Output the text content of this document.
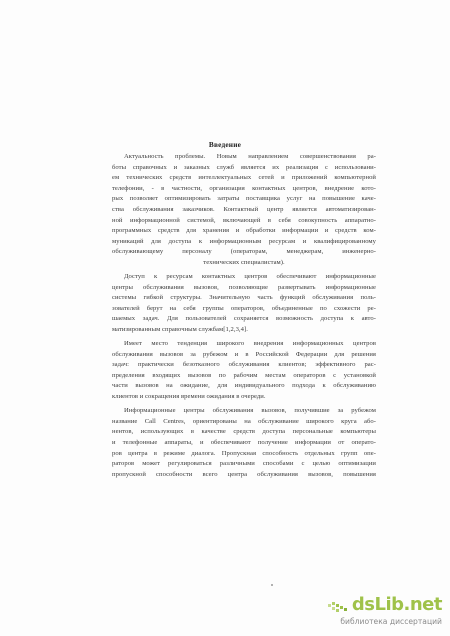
Введение
Актуальность проблемы. Новым направлением совершенствования ра-
боты справочных и заказных служб является их реализация с использовани-
ем технических средств интеллектуальных сетей и приложений компьютерной
телефонии, - в частности, организация контактных центров, внедрение кото-
рых позволяет оптимизировать затраты поставщика услуг на повышение каче-
ства обслуживания заказчиков. Контактный центр является автоматизирован-
ной информационной системой, включающей в себя совокупность аппаратно-
программных средств для хранения и обработки информации и средств ком-
муникаций для доступа к информационным ресурсам и квалифицированному
обслуживающему персоналу (операторам, менеджерам, инженерно-
технических специалистам).
Доступ к ресурсам контактных центров обеспечивают информационные
центры обслуживания вызовов, позволяющие развертывать информационные
системы гибкой структуры. Значительную часть функций обслуживания поль-
зователей берут на себя группы операторов, объединенные по схожести ре-
шаемых задач. Для пользователей сохраняется возможность доступа к авто-
матизированным справочным службам[1,2,3,4].
Имеет место тенденция широкого внедрения информационных центров
обслуживания вызовов за рубежом и в Российской Федерации для решения
задач: практически безотказного обслуживания клиентов; эффективного рас-
пределения входящих вызовов по рабочим местам операторов с установкой
части вызовов на ожидание, для индивидуального подхода к обслуживанию
клиентов и сокращения времени ожидания в очереди.
Информационные центры обслуживания вызовов, получившие за рубежом
название Call Centres, ориентированы на обслуживание широкого круга або-
нентов, использующих в качестве средств доступа персональные компьютеры
и телефонные аппараты, и обеспечивают получение информации от операто-
ров центра в режиме диалога. Пропускная способность отдельных групп опе-
раторов может регулироваться различными способами с целью оптимизации
пропускной способности всего центра обслуживания вызовов, повышения
dsLib.net
библиотека диссертаций
